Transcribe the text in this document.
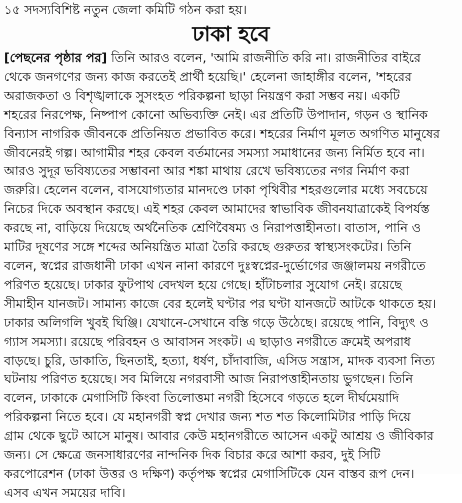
১৫ সদস্যবিশিষ্ট নতুন জেলা কমিটি গঠন করা হয়।
ঢাকা হবে
[পেছনের পৃষ্ঠার পর] তিনি আরও বলেন, 'আমি রাজনীতি করি না। রাজনীতির বাইরে
থেকে জনগণের জন্য কাজ করতেই প্রার্থী হয়েছি।' হেলেনা জাহাঙ্গীর বলেন, 'শহরের
অরাজকতা ও বিশৃঙ্খলাকে সুসংহত পরিকল্পনা ছাড়া নিয়ন্ত্রণ করা সম্ভব নয়। একটি
শহরের নিরপেক্ষ, নিষ্পাপ কোনো অভিব্যক্তি নেই। এর প্রতিটি উপাদান, গড়ন ও স্থানিক
বিন্যাস নাগরিক জীবনকে প্রতিনিয়ত প্রভাবিত করে। শহরের নির্মাণ মূলত অগণিত মানুষের
জীবনেরই গল্প। আগামীর শহর কেবল বর্তমানের সমস্যা সমাধানের জন্য নির্মিত হবে না।
আরও সুদূর ভবিষ্যতের সম্ভাবনা আর শঙ্কা মাথায় রেখে ভবিষ্যতের নগর নির্মাণ করা
জরুরি। হেলেন বলেন, বাসযোগ্যতার মানদণ্ডে ঢাকা পৃথিবীর শহরগুলোর মধ্যে সবচেয়ে
নিচের দিকে অবস্থান করছে। এই শহর কেবল আমাদের স্বাভাবিক জীবনযাত্রাকেই বিপর্যস্ত
করছে না, বাড়িয়ে দিয়েছে অর্থনৈতিক শ্রেণিবৈষম্য ও নিরাপত্তাহীনতা। বাতাস, পানি ও
মাটির দূষণের সঙ্গে শব্দের অনিয়ন্ত্রিত মাত্রা তৈরি করছে গুরুতর স্বাস্থ্যসংকটের। তিনি
বলেন, স্বপ্নের রাজধানী ঢাকা এখন নানা কারণে দুঃস্বপ্নের-দুর্ভোগের জঞ্জালময় নগরীতে
পরিণত হয়েছে। ঢাকার ফুটপাথ বেদখল হয়ে গেছে। হাঁটাচলার সুযোগ নেই। রয়েছে
সীমাহীন যানজট। সামান্য কাজে বের হলেই ঘণ্টার পর ঘণ্টা যানজটে আটকে থাকতে হয়।
ঢাকার অলিগলি খুবই ঘিঞ্জি। যেখানে-সেখানে বস্তি গড়ে উঠেছে। রয়েছে পানি, বিদ্যুৎ ও
গ্যাস সমস্যা। রয়েছে পরিবহন ও আবাসন সংকট। এ ছাড়াও নগরীতে ক্রমেই অপরাধ
বাড়ছে। চুরি, ডাকাতি, ছিনতাই, হত্যা, ধর্ষণ, চাঁদাবাজি, এসিড সন্ত্রাস, মাদক ব্যবসা নিত্য
ঘটনায় পরিণত হয়েছে। সব মিলিয়ে নগরবাসী আজ নিরাপত্তাহীনতায় ভুগছেন। তিনি
বলেন, ঢাকাকে মেগাসিটি কিংবা তিলোত্তমা নগরী হিসেবে গড়তে হলে দীর্ঘমেয়াদি
পরিকল্পনা নিতে হবে। যে মহানগরী স্বপ্ন দেখার জন্য শত শত কিলোমিটার পাড়ি দিয়ে
গ্রাম থেকে ছুটে আসে মানুষ। আবার কেউ মহানগরীতে আসেন একটু আশ্রয় ও জীবিকার
জন্য। সে ক্ষেত্রে জনসাধারণের নান্দনিক দিক বিচার করে আশা করব, দুই সিটি
করপোরেশন (ঢাকা উত্তর ও দক্ষিণ) কর্তৃপক্ষ স্বপ্নের মেগাসিটিকে যেন বাস্তব রূপ দেন।
এসব এখন সময়ের দাবি।
